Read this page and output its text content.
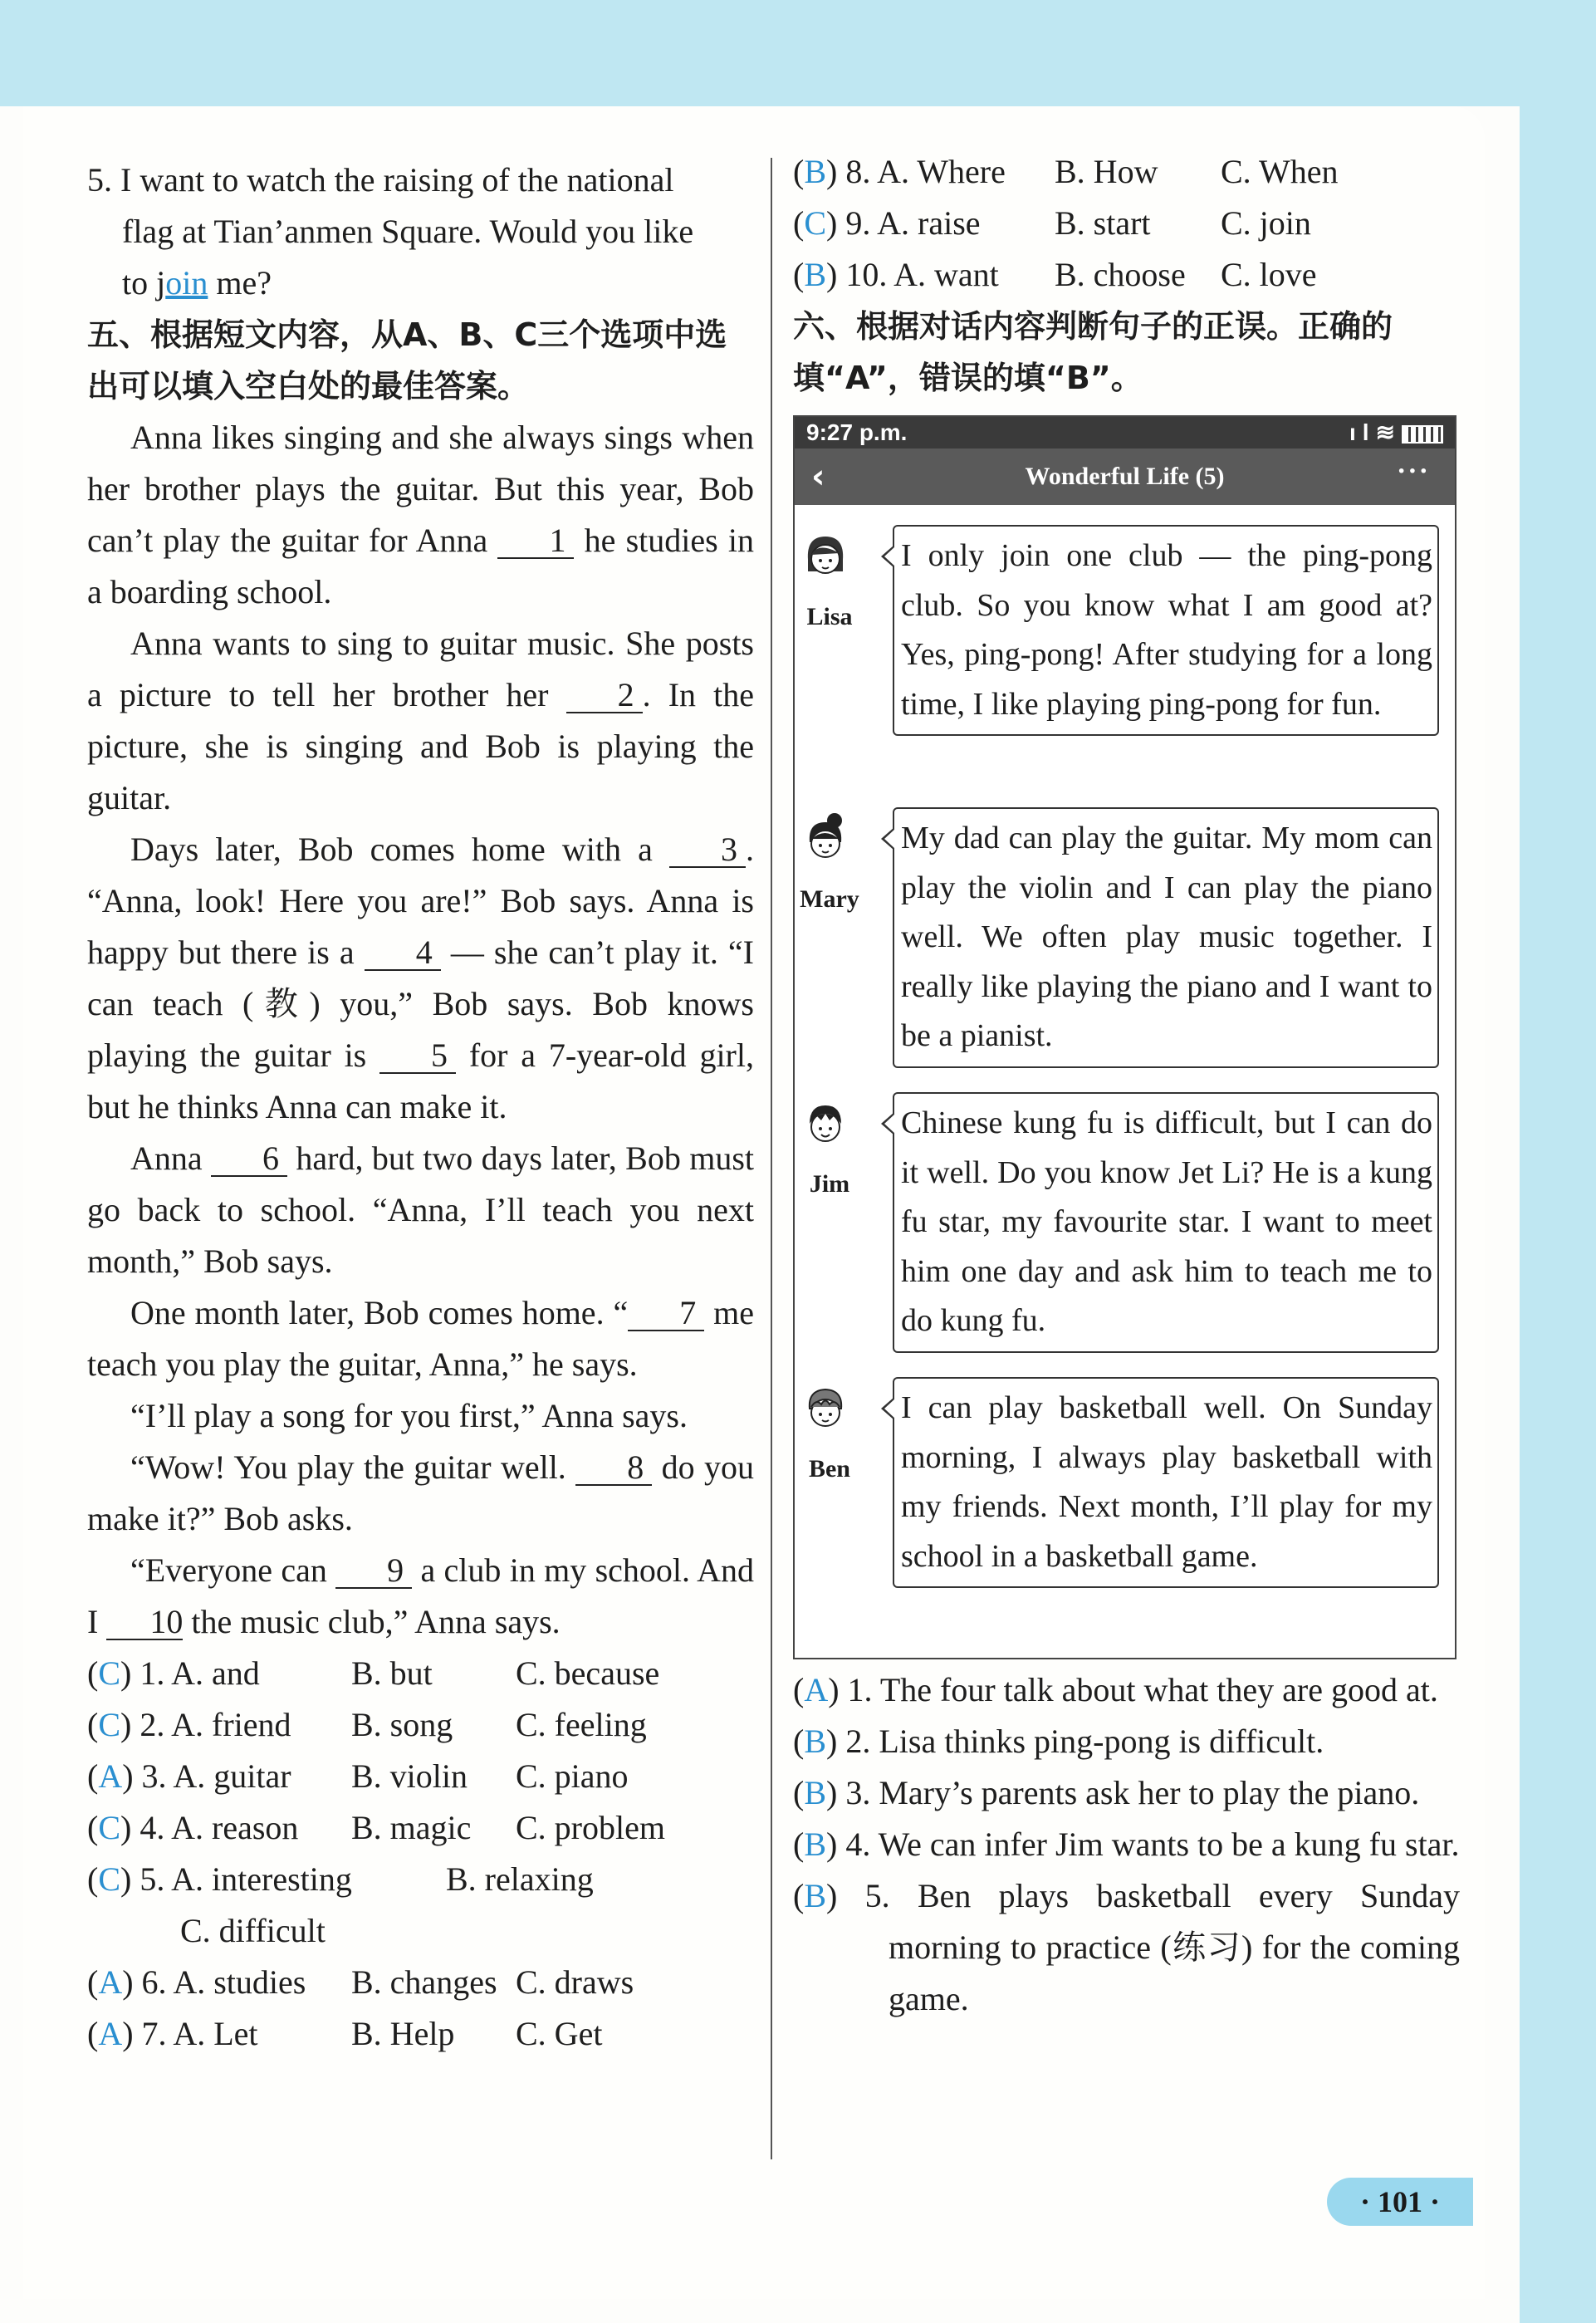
5. I want to watch the raising of the national
flag at Tian’anmen Square. Would you like
to join me?

五、根据短文内容，从A、B、C三个选项中选
出可以填入空白处的最佳答案。

Anna likes singing and she always sings when her brother plays the guitar. But this year, Bob can’t play the guitar for Anna 1 he studies in a boarding school.

Anna wants to sing to guitar music. She posts a picture to tell her brother her 2 . In the picture, she is singing and Bob is playing the guitar.

Days later, Bob comes home with a 3 . “Anna, look! Here you are!” Bob says. Anna is happy but there is a 4 — she can’t play it. “I can teach (教) you,” Bob says. Bob knows playing the guitar is 5 for a 7-year-old girl, but he thinks Anna can make it.

Anna 6 hard, but two days later, Bob must go back to school. “Anna, I’ll teach you next month,” Bob says.

One month later, Bob comes home. “ 7 me teach you play the guitar, Anna,” he says.

“I’ll play a song for you first,” Anna says.

“Wow! You play the guitar well. 8 do you make it?” Bob asks.

“Everyone can 9 a club in my school. And I 10 the music club,” Anna says.

(C) 1. A. and	B. but	C. because
(C) 2. A. friend	B. song	C. feeling
(A) 3. A. guitar	B. violin	C. piano
(C) 4. A. reason	B. magic	C. problem
(C) 5. A. interesting	B. relaxing
C. difficult
(A) 6. A. studies	B. changes C. draws
(A) 7. A. Let	B. Help	C. Get
(B) 8. A. Where	B. How	C. When
(C) 9. A. raise	B. start	C. join
(B) 10. A. want	B. choose	C. love

六、根据对话内容判断句子的正误。正确的
填“A”，错误的填“B”。

9:27 p.m.	ıl≋
‹	Wonderful Life (5)	···
Lisa
I only join one club — the ping-pong club. So you know what I am good at? Yes, ping-pong! After studying for a long time, I like playing ping-pong for fun.
Mary
My dad can play the guitar. My mom can play the violin and I can play the piano well. We often play music together. I really like playing the piano and I want to be a pianist.
Jim
Chinese kung fu is difficult, but I can do it well. Do you know Jet Li? He is a kung fu star, my favourite star. I want to meet him one day and ask him to teach me to do kung fu.
Ben
I can play basketball well. On Sunday morning, I always play basketball with my friends. Next month, I’ll play for my school in a basketball game.

(A) 1. The four talk about what they are good at.

(B) 2. Lisa thinks ping-pong is difficult.

(B) 3. Mary’s parents ask her to play the piano.

(B) 4. We can infer Jim wants to be a kung fu star.

(B) 5. Ben plays basketball every Sunday morning to practice (练习) for the coming game.

· 101 ·
